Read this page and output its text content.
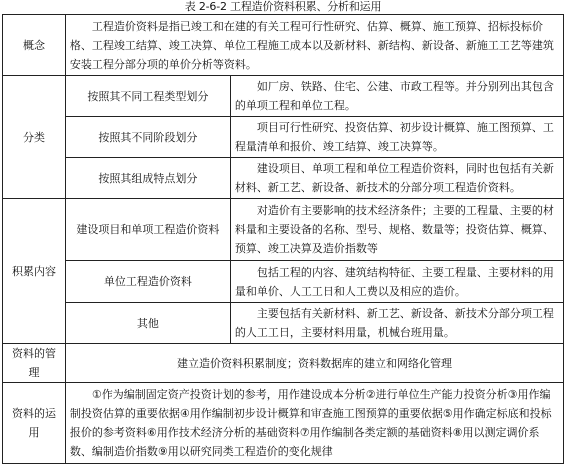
表 2-6-2 工程造价资料积累、分析和运用
概念	工程造价资料是指已竣工和在建的有关工程可行性研究、估算、概算、施工预算、招标投标价格、工程竣工结算、竣工决算、单位工程施工成本以及新材料、新结构、新设备、新施工工艺等建筑安装工程分部分项的单价分析等资料。	
分类	按照其不同工程类型划分	如厂房、铁路、住宅、公建、市政工程等。并分别列出其包含的单项工程和单位工程。
	按照其不同阶段划分	项目可行性研究、投资估算、初步设计概算、施工图预算、工程量清单和报价、竣工结算、竣工决算等。
	按照其组成特点划分	建设项目、单项工程和单位工程造价资料，同时也包括有关新材料、新工艺、新设备、新技术的分部分项工程造价资料。
积累内容	建设项目和单项工程造价资料	对造价有主要影响的技术经济条件；主要的工程量、主要的材料量和主要设备的名称、型号、规格、数量等；投资估算、概算、预算、竣工决算及造价指数等
	单位工程造价资料	包括工程的内容、建筑结构特征、主要工程量、主要材料的用量和单价、人工工日和人工费以及相应的造价。
	其他	主要包括有关新材料、新工艺、新设备、新技术分部分项工程的人工工日，主要材料用量，机械台班用量。
资料的管理	建立造价资料积累制度；资料数据库的建立和网络化管理	
资料的运用	①作为编制固定资产投资计划的参考，用作建设成本分析②进行单位生产能力投资分析③用作编制投资估算的重要依据④用作编制初步设计概算和审查施工图预算的重要依据⑤用作确定标底和投标报价的参考资料⑥用作技术经济分析的基础资料⑦用作编制各类定额的基础资料⑧用以测定调价系数、编制造价指数⑨用以研究同类工程造价的变化规律	
